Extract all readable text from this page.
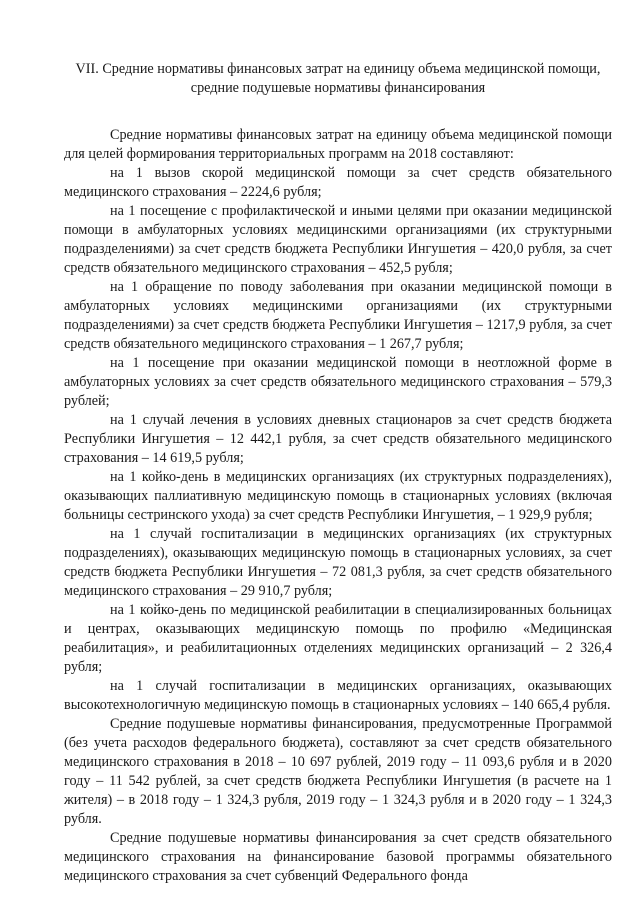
VII. Средние нормативы финансовых затрат на единицу объема медицинской помощи, средние подушевые нормативы финансирования

Средние нормативы финансовых затрат на единицу объема медицинской помощи для целей формирования территориальных программ на 2018 составляют:

на 1 вызов скорой медицинской помощи за счет средств обязательного медицинского страхования – 2224,6 рубля;

на 1 посещение с профилактической и иными целями при оказании медицинской помощи в амбулаторных условиях медицинскими организациями (их структурными подразделениями) за счет средств бюджета Республики Ингушетия – 420,0 рубля, за счет средств обязательного медицинского страхования – 452,5 рубля;

на 1 обращение по поводу заболевания при оказании медицинской помощи в амбулаторных условиях медицинскими организациями (их структурными подразделениями) за счет средств бюджета Республики Ингушетия – 1217,9 рубля, за счет средств обязательного медицинского страхования – 1 267,7 рубля;

на 1 посещение при оказании медицинской помощи в неотложной форме в амбулаторных условиях за счет средств обязательного медицинского страхования – 579,3 рублей;

на 1 случай лечения в условиях дневных стационаров за счет средств бюджета Республики Ингушетия – 12 442,1 рубля, за счет средств обязательного медицинского страхования – 14 619,5 рубля;

на 1 койко-день в медицинских организациях (их структурных подразделениях), оказывающих паллиативную медицинскую помощь в стационарных условиях (включая больницы сестринского ухода) за счет средств Республики Ингушетия, – 1 929,9 рубля;

на 1 случай госпитализации в медицинских организациях (их структурных подразделениях), оказывающих медицинскую помощь в стационарных условиях, за счет средств бюджета Республики Ингушетия – 72 081,3 рубля, за счет средств обязательного медицинского страхования – 29 910,7 рубля;

на 1 койко-день по медицинской реабилитации в специализированных больницах и центрах, оказывающих медицинскую помощь по профилю «Медицинская реабилитация», и реабилитационных отделениях медицинских организаций – 2 326,4 рубля;

на 1 случай госпитализации в медицинских организациях, оказывающих высокотехнологичную медицинскую помощь в стационарных условиях – 140 665,4 рубля.

Средние подушевые нормативы финансирования, предусмотренные Программой (без учета расходов федерального бюджета), составляют за счет средств обязательного медицинского страхования в 2018 – 10 697 рублей, 2019 году – 11 093,6 рубля и в 2020 году – 11 542 рублей, за счет средств бюджета Республики Ингушетия (в расчете на 1 жителя) – в 2018 году – 1 324,3 рубля, 2019 году – 1 324,3 рубля и в 2020 году – 1 324,3 рубля.

Средние подушевые нормативы финансирования за счет средств обязательного медицинского страхования на финансирование базовой программы обязательного медицинского страхования за счет субвенций Федерального фонда
